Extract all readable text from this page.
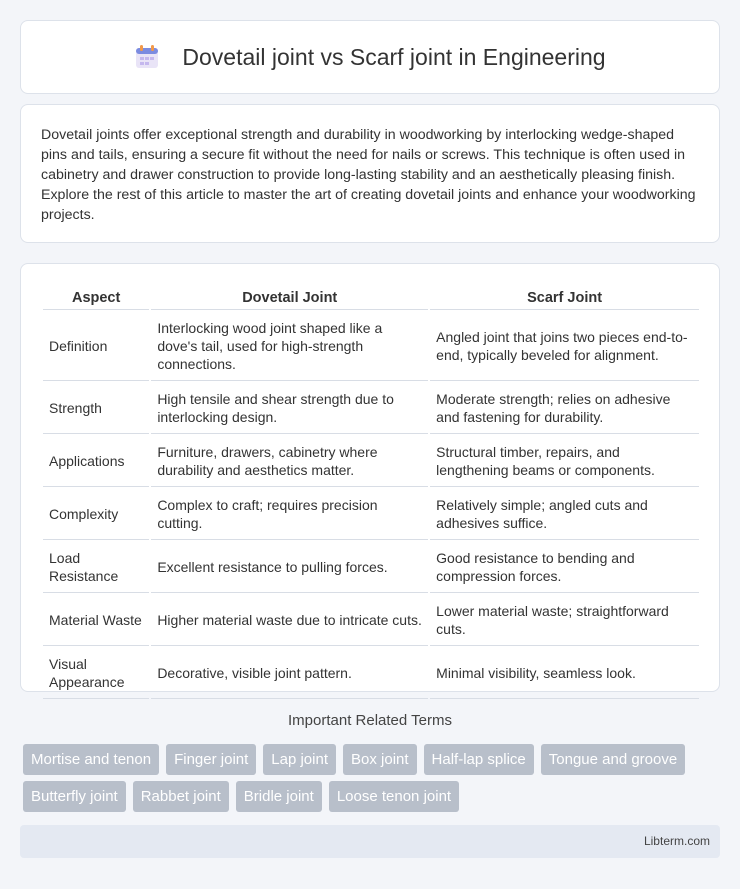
Dovetail joint vs Scarf joint in Engineering

Dovetail joints offer exceptional strength and durability in woodworking by interlocking wedge-shaped pins and tails, ensuring a secure fit without the need for nails or screws. This technique is often used in cabinetry and drawer construction to provide long-lasting stability and an aesthetically pleasing finish. Explore the rest of this article to master the art of creating dovetail joints and enhance your woodworking projects.

Aspect	Dovetail Joint	Scarf Joint
Definition	Interlocking wood joint shaped like a dove's tail, used for high-strength connections.	Angled joint that joins two pieces end-to-end, typically beveled for alignment.
Strength	High tensile and shear strength due to interlocking design.	Moderate strength; relies on adhesive and fastening for durability.
Applications	Furniture, drawers, cabinetry where durability and aesthetics matter.	Structural timber, repairs, and lengthening beams or components.
Complexity	Complex to craft; requires precision cutting.	Relatively simple; angled cuts and adhesives suffice.
Load Resistance	Excellent resistance to pulling forces.	Good resistance to bending and compression forces.
Material Waste	Higher material waste due to intricate cuts.	Lower material waste; straightforward cuts.
Visual Appearance	Decorative, visible joint pattern.	Minimal visibility, seamless look.
Important Related Terms
Mortise and tenon	Finger joint	Lap joint	Box joint	Half-lap splice	Tongue and groove
Butterfly joint	Rabbet joint	Bridle joint	Loose tenon joint
Libterm.com
